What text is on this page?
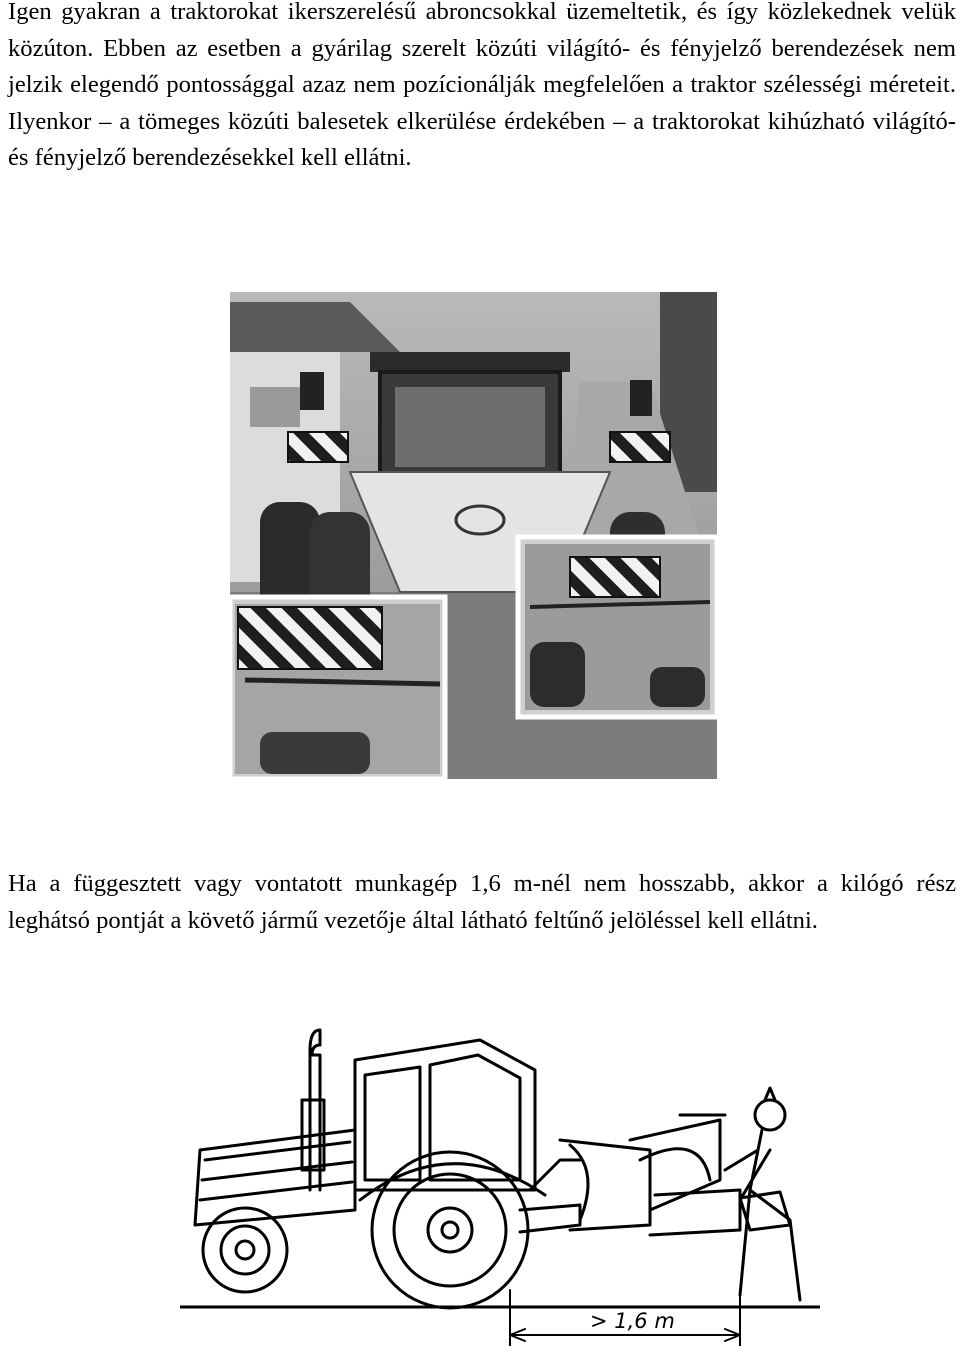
Igen gyakran a traktorokat ikerszerelésű abroncsokkal üzemeltetik, és így közlekednek velük közúton. Ebben az esetben a gyárilag szerelt közúti világító- és fényjelző berendezések nem jelzik elegendő pontossággal azaz nem pozícionálják megfelelően a traktor szélességi méreteit. Ilyenkor – a tömeges közúti balesetek elkerülése érdekében – a traktorokat kihúzható világító- és fényjelző berendezésekkel kell ellátni.

Ha a függesztett vagy vontatott munkagép 1,6 m-nél nem hosszabb, akkor a kilógó rész leghátsó pontját a követő jármű vezetője által látható feltűnő jelöléssel kell ellátni.

> 1,6 m
